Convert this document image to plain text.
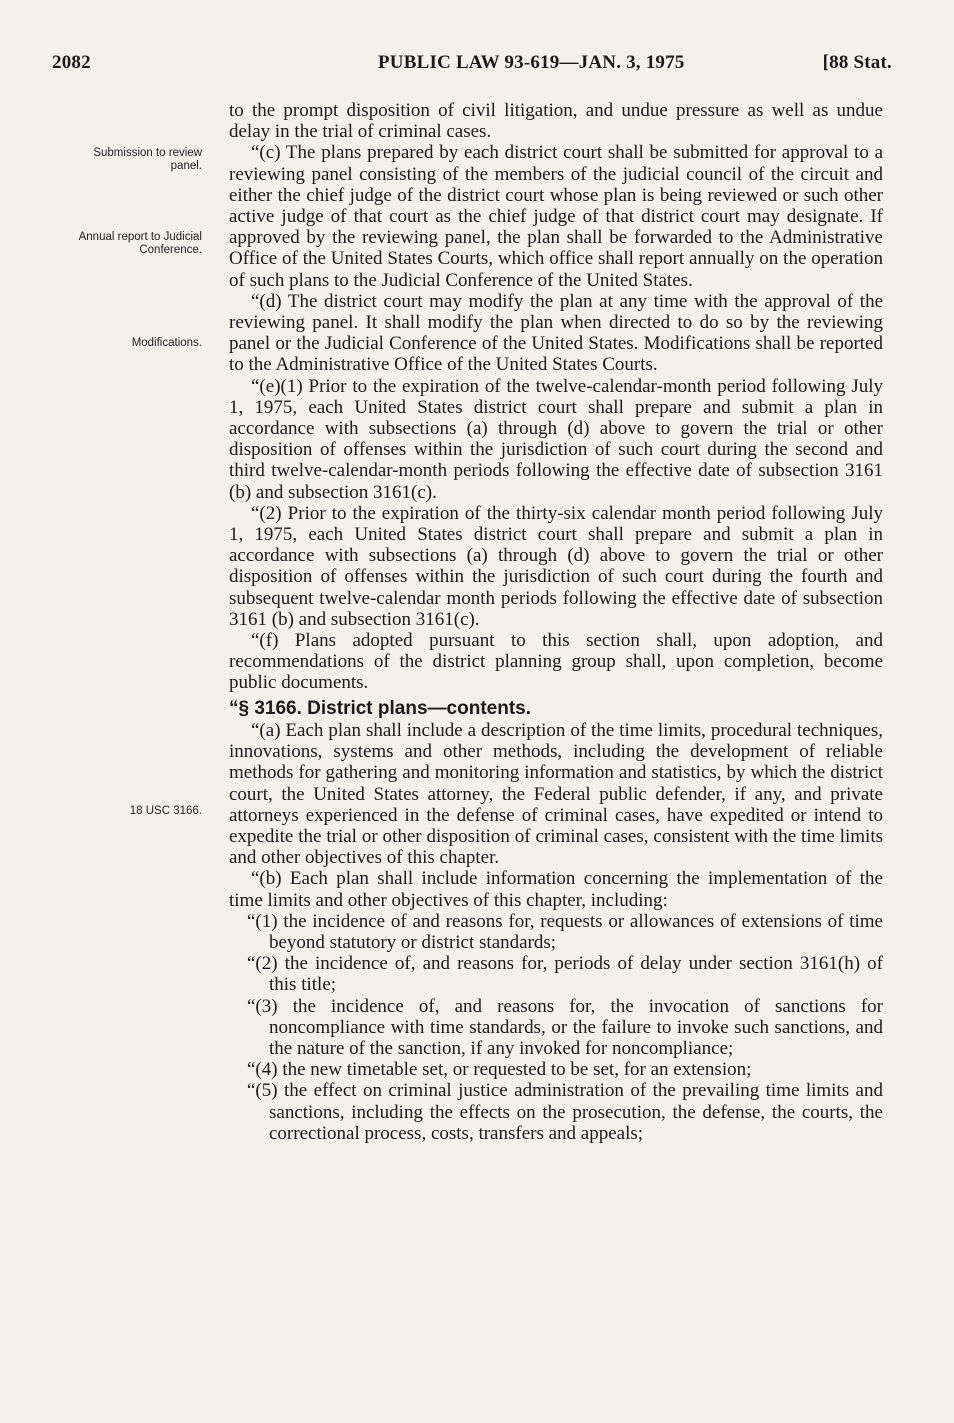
2082	PUBLIC LAW 93-619—JAN. 3, 1975	[88 Stat.
Submission to review panel.
Annual report to Judicial Conference.
Modifications.
18 USC 3166.

to the prompt disposition of civil litigation, and undue pressure as well as undue delay in the trial of criminal cases.

“(c) The plans prepared by each district court shall be submitted for approval to a reviewing panel consisting of the members of the judicial council of the circuit and either the chief judge of the district court whose plan is being reviewed or such other active judge of that court as the chief judge of that district court may designate. If approved by the reviewing panel, the plan shall be forwarded to the Administrative Office of the United States Courts, which office shall report annually on the operation of such plans to the Judicial Conference of the United States.

“(d) The district court may modify the plan at any time with the approval of the reviewing panel. It shall modify the plan when directed to do so by the reviewing panel or the Judicial Conference of the United States. Modifications shall be reported to the Administrative Office of the United States Courts.

“(e)(1) Prior to the expiration of the twelve-calendar-month period following July 1, 1975, each United States district court shall prepare and submit a plan in accordance with subsections (a) through (d) above to govern the trial or other disposition of offenses within the jurisdiction of such court during the second and third twelve-calendar-month periods following the effective date of subsection 3161 (b) and subsection 3161(c).

“(2) Prior to the expiration of the thirty-six calendar month period following July 1, 1975, each United States district court shall prepare and submit a plan in accordance with subsections (a) through (d) above to govern the trial or other disposition of offenses within the jurisdiction of such court during the fourth and subsequent twelve-calendar month periods following the effective date of subsection 3161 (b) and subsection 3161(c).

“(f) Plans adopted pursuant to this section shall, upon adoption, and recommendations of the district planning group shall, upon completion, become public documents.

“§ 3166. District plans—contents.

“(a) Each plan shall include a description of the time limits, procedural techniques, innovations, systems and other methods, including the development of reliable methods for gathering and monitoring information and statistics, by which the district court, the United States attorney, the Federal public defender, if any, and private attorneys experienced in the defense of criminal cases, have expedited or intend to expedite the trial or other disposition of criminal cases, consistent with the time limits and other objectives of this chapter.

“(b) Each plan shall include information concerning the implementation of the time limits and other objectives of this chapter, including:

“(1) the incidence of and reasons for, requests or allowances of extensions of time beyond statutory or district standards;

“(2) the incidence of, and reasons for, periods of delay under section 3161(h) of this title;

“(3) the incidence of, and reasons for, the invocation of sanctions for noncompliance with time standards, or the failure to invoke such sanctions, and the nature of the sanction, if any invoked for noncompliance;

“(4) the new timetable set, or requested to be set, for an extension;

“(5) the effect on criminal justice administration of the prevailing time limits and sanctions, including the effects on the prosecution, the defense, the courts, the correctional process, costs, transfers and appeals;
